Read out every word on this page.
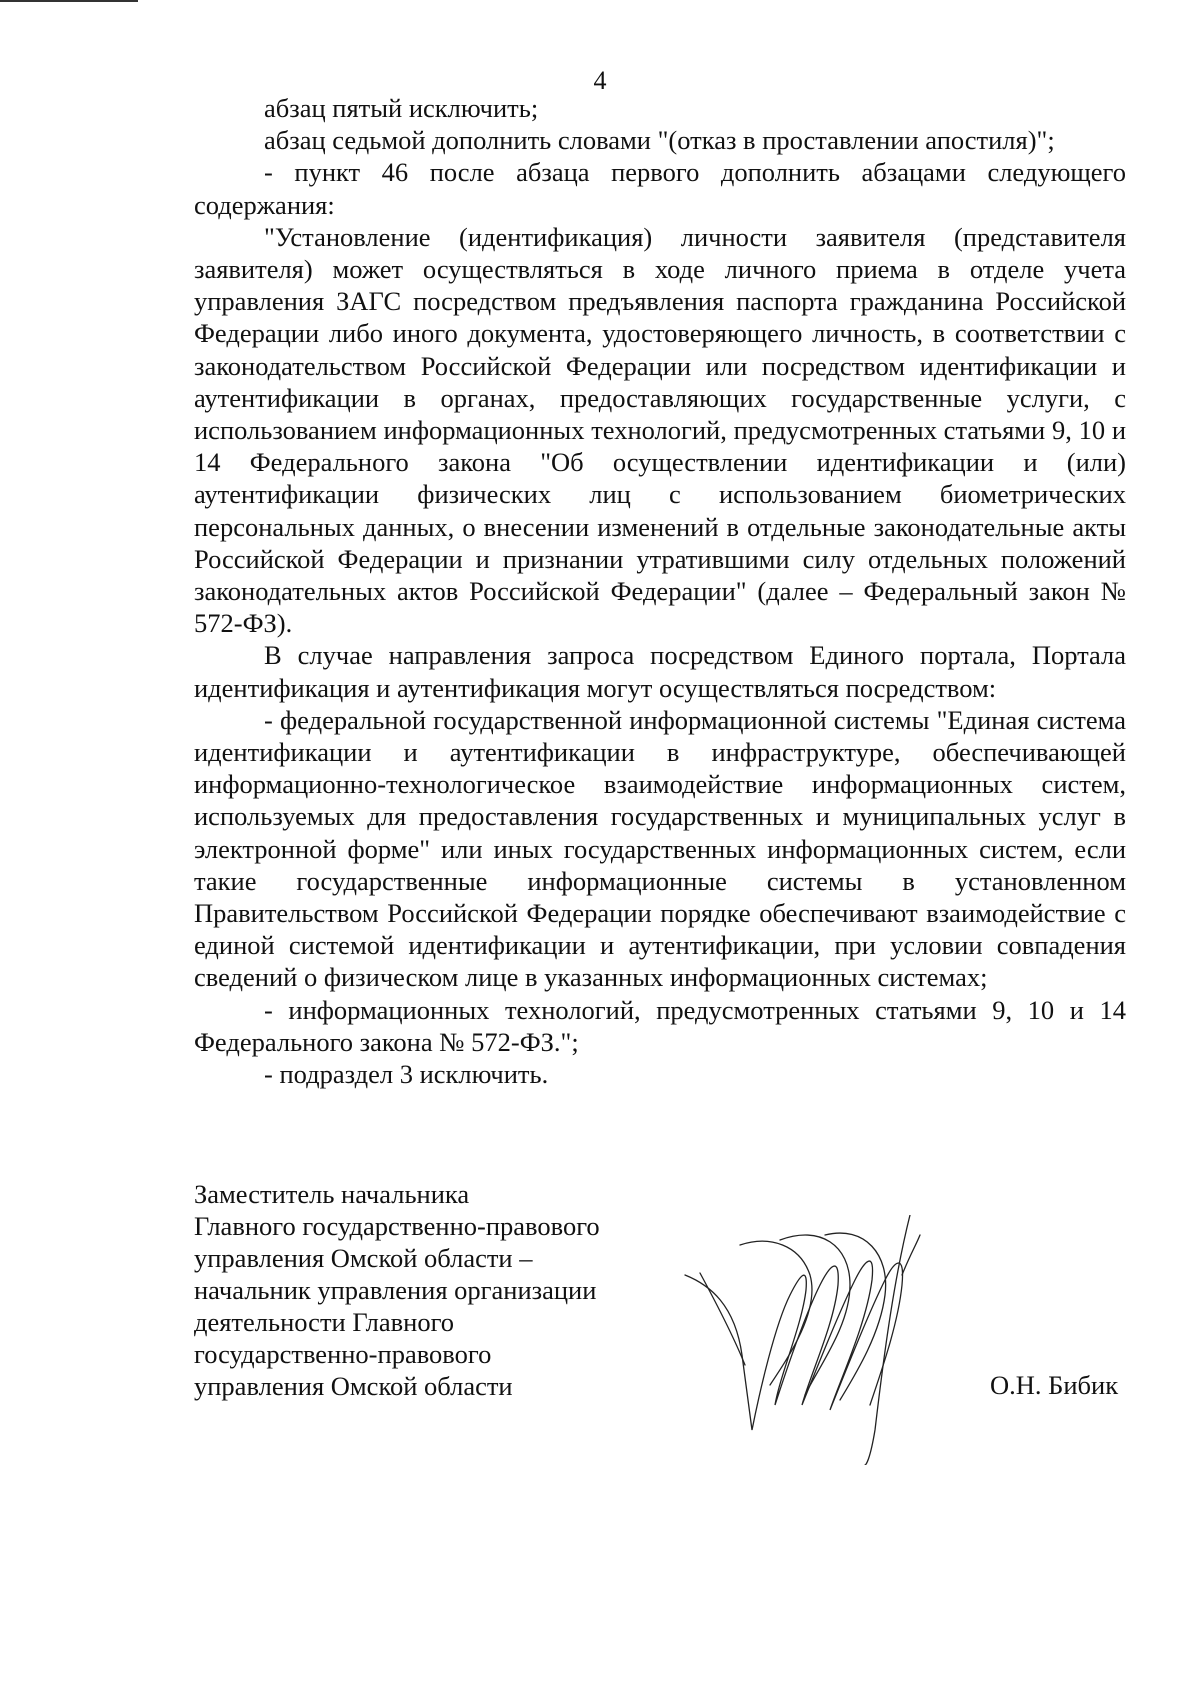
4

абзац пятый исключить;

абзац седьмой дополнить словами "(отказ в проставлении апостиля)";

- пункт 46 после абзаца первого дополнить абзацами следующего содержания:

"Установление (идентификация) личности заявителя (представителя заявителя) может осуществляться в ходе личного приема в отделе учета управления ЗАГС посредством предъявления паспорта гражданина Российской Федерации либо иного документа, удостоверяющего личность, в соответствии с законодательством Российской Федерации или посредством идентификации и аутентификации в органах, предоставляющих государственные услуги, с использованием информационных технологий, предусмотренных статьями 9, 10 и 14 Федерального закона "Об осуществлении идентификации и (или) аутентификации физических лиц с использованием биометрических персональных данных, о внесении изменений в отдельные законодательные акты Российской Федерации и признании утратившими силу отдельных положений законодательных актов Российской Федерации" (далее – Федеральный закон № 572-ФЗ).

В случае направления запроса посредством Единого портала, Портала идентификация и аутентификация могут осуществляться посредством:

- федеральной государственной информационной системы "Единая система идентификации и аутентификации в инфраструктуре, обеспечивающей информационно-технологическое взаимодействие информационных систем, используемых для предоставления государственных и муниципальных услуг в электронной форме" или иных государственных информационных систем, если такие государственные информационные системы в установленном Правительством Российской Федерации порядке обеспечивают взаимодействие с единой системой идентификации и аутентификации, при условии совпадения сведений о физическом лице в указанных информационных системах;

- информационных технологий, предусмотренных статьями 9, 10 и 14 Федерального закона № 572-ФЗ.";

- подраздел 3 исключить.

Заместитель начальника
Главного государственно-правового
управления Омской области –
начальник управления организации
деятельности Главного
государственно-правового
управления Омской области	О.Н. Бибик
